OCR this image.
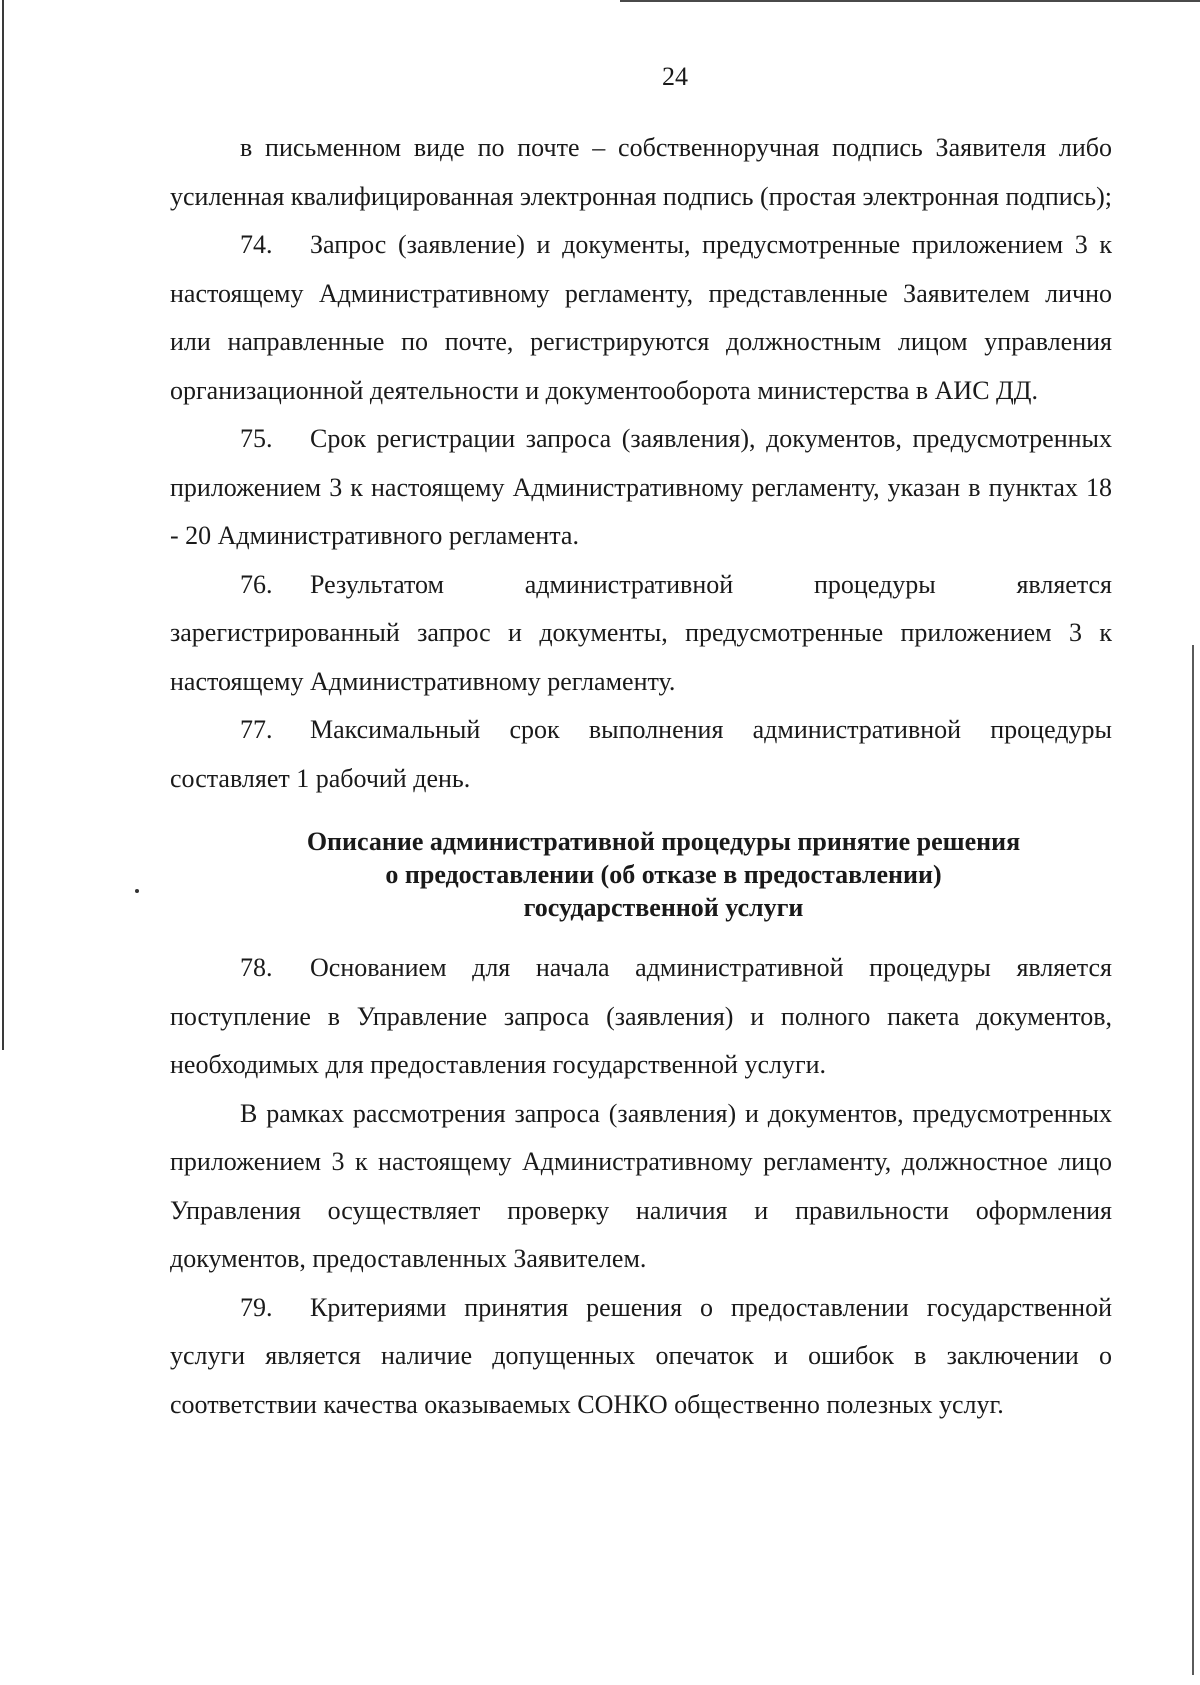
24

в письменном виде по почте – собственноручная подпись Заявителя либо усиленная квалифицированная электронная подпись (простая электронная подпись);

74. Запрос (заявление) и документы, предусмотренные приложением 3 к настоящему Административному регламенту, представленные Заявителем лично или направленные по почте, регистрируются должностным лицом управления организационной деятельности и документооборота министерства в АИС ДД.

75. Срок регистрации запроса (заявления), документов, предусмотренных приложением 3 к настоящему Административному регламенту, указан в пунктах 18 - 20 Административного регламента.

76. Результатом административной процедуры является зарегистрированный запрос и документы, предусмотренные приложением 3 к настоящему Административному регламенту.

77. Максимальный срок выполнения административной процедуры составляет 1 рабочий день.

Описание административной процедуры принятие решения

о предоставлении (об отказе в предоставлении)

государственной услуги

78. Основанием для начала административной процедуры является поступление в Управление запроса (заявления) и полного пакета документов, необходимых для предоставления государственной услуги.

В рамках рассмотрения запроса (заявления) и документов, предусмотренных приложением 3 к настоящему Административному регламенту, должностное лицо Управления осуществляет проверку наличия и правильности оформления документов, предоставленных Заявителем.

79. Критериями принятия решения о предоставлении государственной услуги является наличие допущенных опечаток и ошибок в заключении о соответствии качества оказываемых СОНКО общественно полезных услуг.
